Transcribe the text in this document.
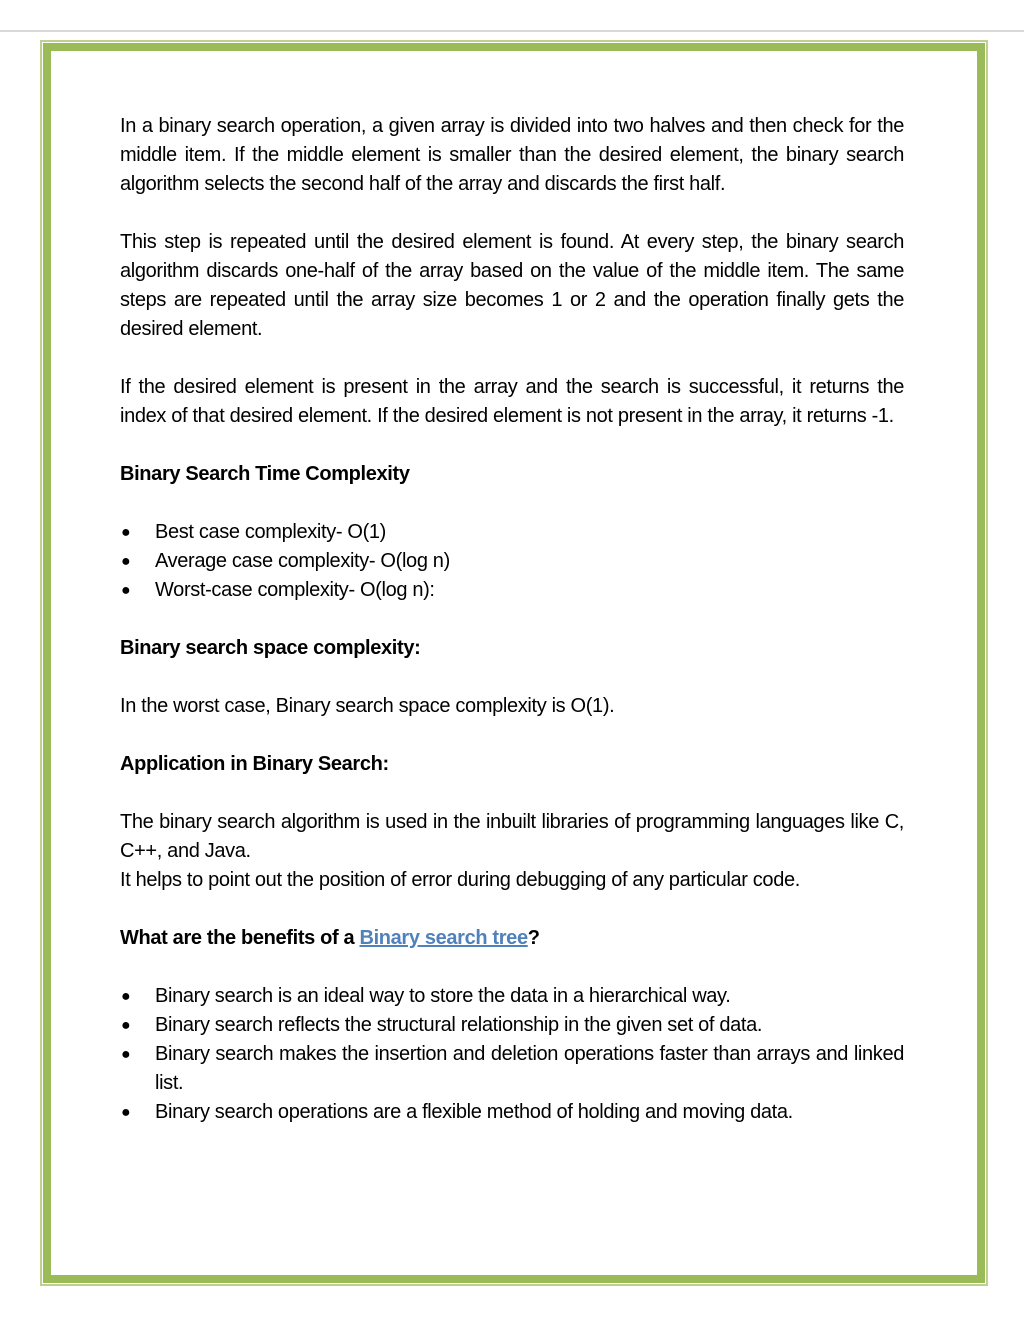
In a binary search operation, a given array is divided into two halves and then check for the middle item. If the middle element is smaller than the desired element, the binary search algorithm selects the second half of the array and discards the first half.
This step is repeated until the desired element is found. At every step, the binary search algorithm discards one-half of the array based on the value of the middle item. The same steps are repeated until the array size becomes 1 or 2 and the operation finally gets the desired element.
If the desired element is present in the array and the search is successful, it returns the index of that desired element. If the desired element is not present in the array, it returns -1.
Binary Search Time Complexity
●	Best case complexity- O(1)
●	Average case complexity- O(log n)
●	Worst-case complexity- O(log n):
Binary search space complexity:
In the worst case, Binary search space complexity is O(1).
Application in Binary Search:
The binary search algorithm is used in the inbuilt libraries of programming languages like C, C++, and Java.
It helps to point out the position of error during debugging of any particular code.
What are the benefits of a Binary search tree?
●	Binary search is an ideal way to store the data in a hierarchical way.
●	Binary search reflects the structural relationship in the given set of data.
●	Binary search makes the insertion and deletion operations faster than arrays and linked list.
●	Binary search operations are a flexible method of holding and moving data.
